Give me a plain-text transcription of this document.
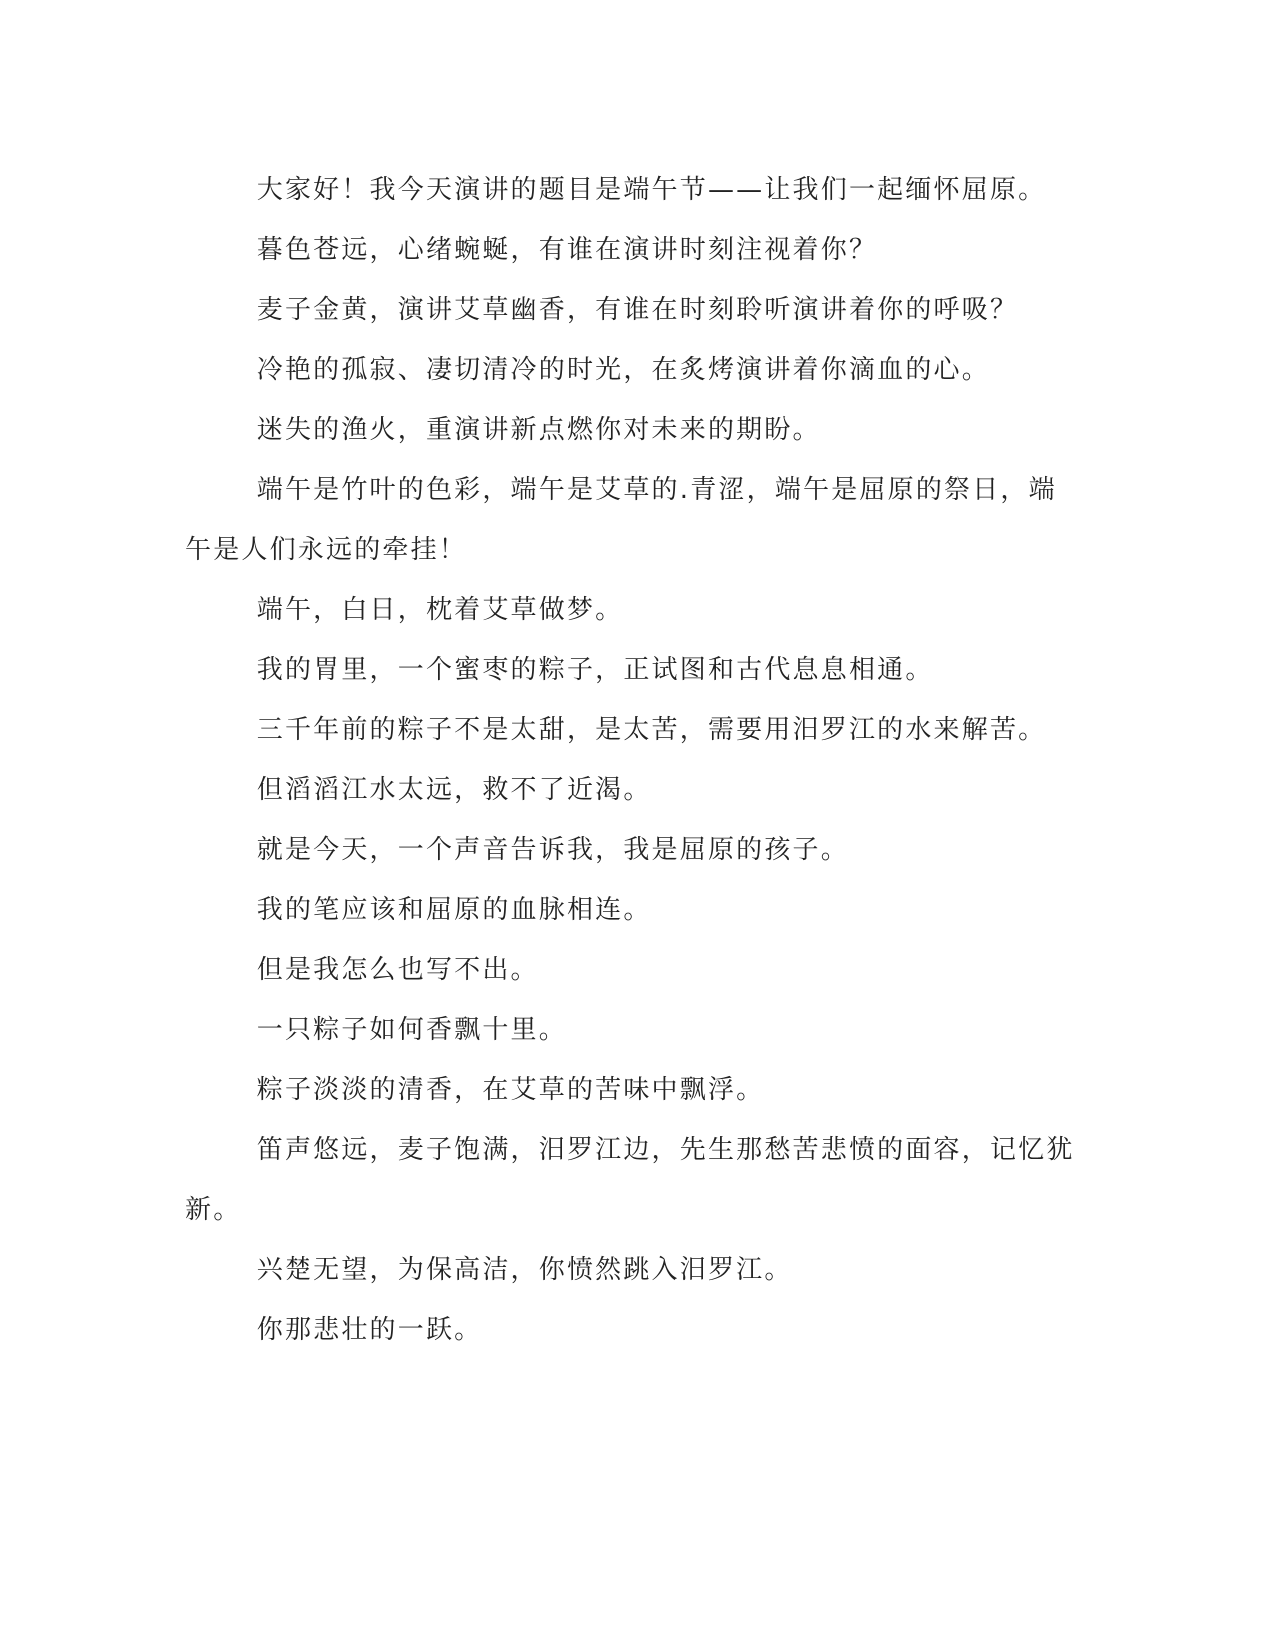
大家好！我今天演讲的题目是端午节——让我们一起缅怀屈原。

暮色苍远，心绪蜿蜒，有谁在演讲时刻注视着你？

麦子金黄，演讲艾草幽香，有谁在时刻聆听演讲着你的呼吸？

冷艳的孤寂、凄切清冷的时光，在炙烤演讲着你滴血的心。

迷失的渔火，重演讲新点燃你对未来的期盼。

端午是竹叶的色彩，端午是艾草的.青涩，端午是屈原的祭日，端午是人们永远的牵挂！

端午，白日，枕着艾草做梦。

我的胃里，一个蜜枣的粽子，正试图和古代息息相通。

三千年前的粽子不是太甜，是太苦，需要用汨罗江的水来解苦。

但滔滔江水太远，救不了近渴。

就是今天，一个声音告诉我，我是屈原的孩子。

我的笔应该和屈原的血脉相连。

但是我怎么也写不出。

一只粽子如何香飘十里。

粽子淡淡的清香，在艾草的苦味中飘浮。

笛声悠远，麦子饱满，汨罗江边，先生那愁苦悲愤的面容，记忆犹新。

兴楚无望，为保高洁，你愤然跳入汨罗江。

你那悲壮的一跃。
